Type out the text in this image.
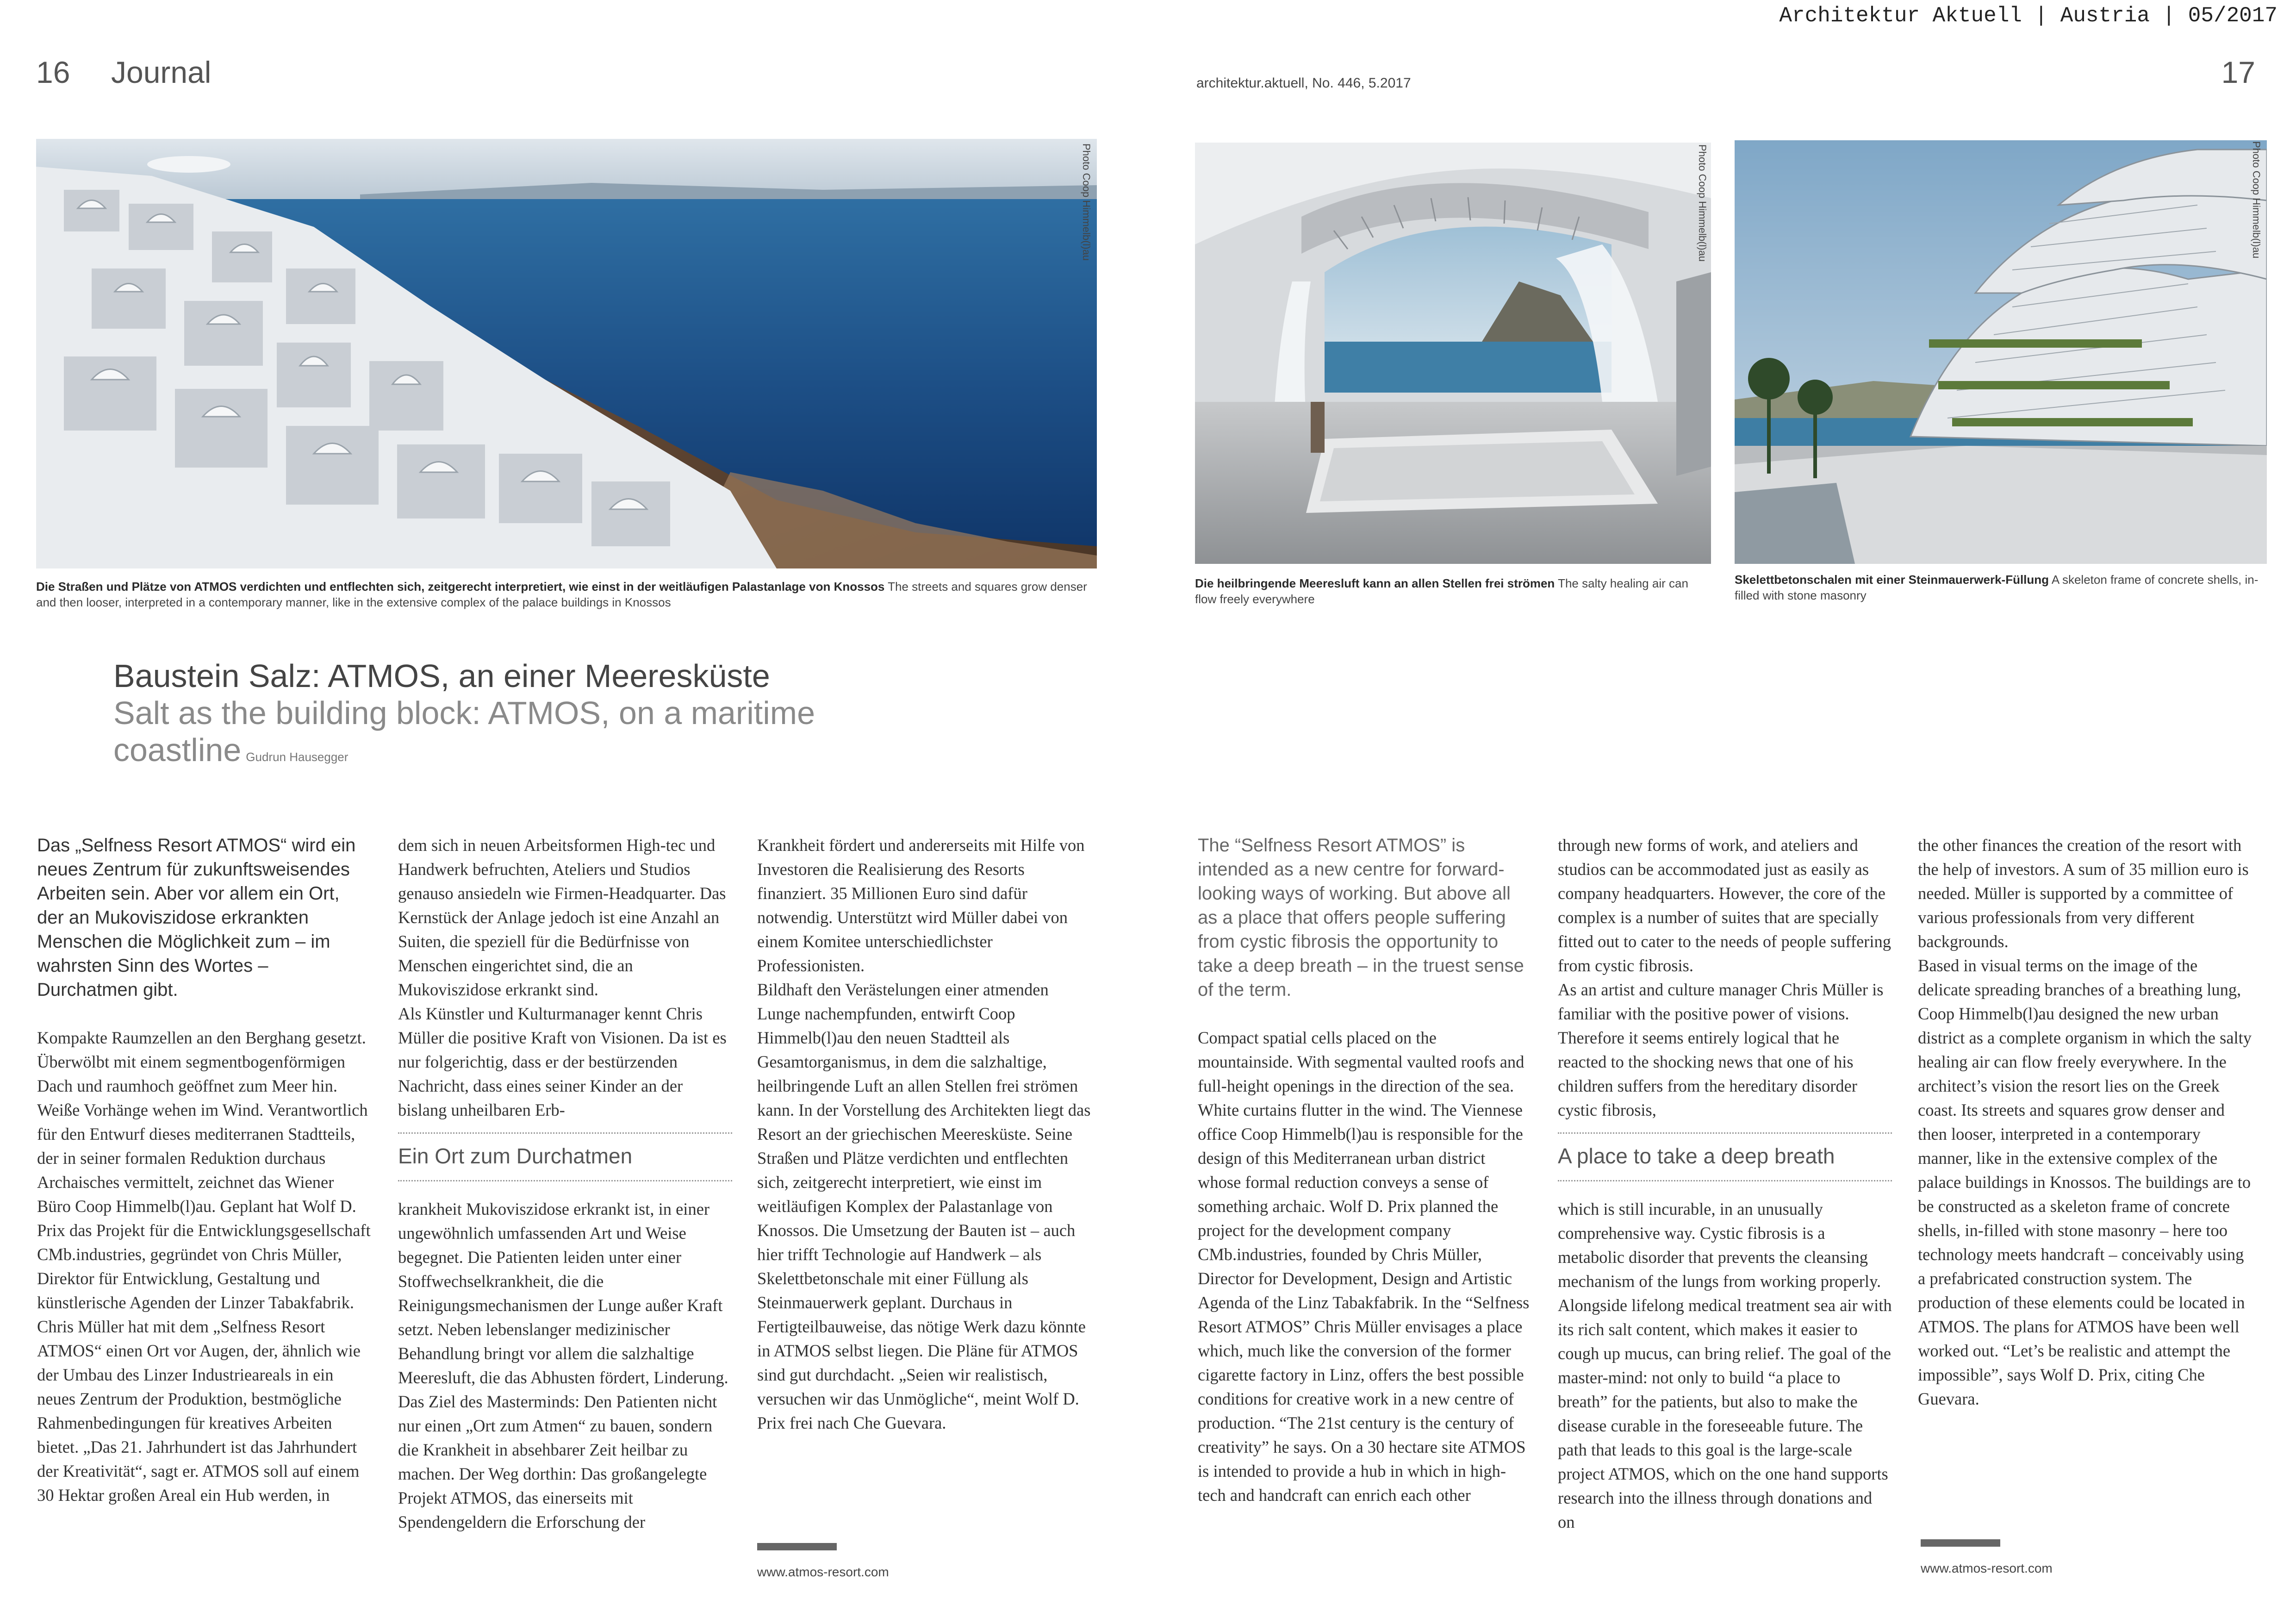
Architektur Aktuell | Austria | 05/2017
16 Journal	architektur.aktuell, No. 446, 5.2017	17
Photo Coop Himmelb(l)au	Photo Coop Himmelb(l)au	Photo Coop Himmelb(l)au
Die Straßen und Plätze von ATMOS verdichten und entflechten sich, zeitgerecht interpretiert, wie einst in der weitläufigen Palastanlage von Knossos The streets and squares grow denser and then looser, interpreted in a contemporary manner, like in the extensive complex of the palace buildings in Knossos
Die heilbringende Meeresluft kann an allen Stellen frei strömen The salty healing air can flow freely everywhere
Skelettbetonschalen mit einer Steinmauerwerk-Füllung A skeleton frame of concrete shells, in-filled with stone masonry
Baustein Salz: ATMOS, an einer Meeresküste
Salt as the building block: ATMOS, on a maritime coastline Gudrun Hausegger

Das „Selfness Resort ATMOS“ wird ein neues Zentrum für zukunftsweisendes Arbeiten sein. Aber vor allem ein Ort, der an Mukoviszidose erkrankten Menschen die Möglichkeit zum – im wahrsten Sinn des Wortes – Durchatmen gibt.

Kompakte Raumzellen an den Berghang gesetzt. Überwölbt mit einem segmentbogenförmigen Dach und raumhoch geöffnet zum Meer hin. Weiße Vorhänge wehen im Wind. Verantwortlich für den Entwurf dieses mediterranen Stadtteils, der in seiner formalen Reduktion durchaus Archaisches vermittelt, zeichnet das Wiener Büro Coop Himmelb(l)au. Geplant hat Wolf D. Prix das Projekt für die Entwicklungsgesellschaft CMb.industries, gegründet von Chris Müller, Direktor für Entwicklung, Gestaltung und künstlerische Agenden der Linzer Tabakfabrik. Chris Müller hat mit dem „Selfness Resort ATMOS“ einen Ort vor Augen, der, ähnlich wie der Umbau des Linzer Industrieareals in ein neues Zentrum der Produktion, bestmögliche Rahmenbedingungen für kreatives Arbeiten bietet. „Das 21. Jahrhundert ist das Jahrhundert der Kreativität“, sagt er. ATMOS soll auf einem 30 Hektar großen Areal ein Hub werden, in

dem sich in neuen Arbeitsformen High-tec und Handwerk befruchten, Ateliers und Studios genauso ansiedeln wie Firmen-Headquarter. Das Kernstück der Anlage jedoch ist eine Anzahl an Suiten, die speziell für die Bedürfnisse von Menschen eingerichtet sind, die an Mukoviszidose erkrankt sind.

Als Künstler und Kulturmanager kennt Chris Müller die positive Kraft von Visionen. Da ist es nur folgerichtig, dass er der bestürzenden Nachricht, dass eines seiner Kinder an der bislang unheilbaren Erb-

Ein Ort zum Durchatmen

krankheit Mukoviszidose erkrankt ist, in einer ungewöhnlich umfassenden Art und Weise begegnet. Die Patienten leiden unter einer Stoffwechselkrankheit, die die Reinigungsmechanismen der Lunge außer Kraft setzt. Neben lebenslanger medizinischer Behandlung bringt vor allem die salzhaltige Meeresluft, die das Abhusten fördert, Linderung. Das Ziel des Masterminds: Den Patienten nicht nur einen „Ort zum Atmen“ zu bauen, sondern die Krankheit in absehbarer Zeit heilbar zu machen. Der Weg dorthin: Das großangelegte Projekt ATMOS, das einerseits mit Spendengeldern die Erforschung der

Krankheit fördert und andererseits mit Hilfe von Investoren die Realisierung des Resorts finanziert. 35 Millionen Euro sind dafür notwendig. Unterstützt wird Müller dabei von einem Komitee unterschiedlichster Professionisten.

Bildhaft den Verästelungen einer atmenden Lunge nachempfunden, entwirft Coop Himmelb(l)au den neuen Stadtteil als Gesamtorganismus, in dem die salzhaltige, heilbringende Luft an allen Stellen frei strömen kann. In der Vorstellung des Architekten liegt das Resort an der griechischen Meeresküste. Seine Straßen und Plätze verdichten und entflechten sich, zeitgerecht interpretiert, wie einst im weitläufigen Komplex der Palastanlage von Knossos. Die Umsetzung der Bauten ist – auch hier trifft Technologie auf Handwerk – als Skelettbetonschale mit einer Füllung als Steinmauerwerk geplant. Durchaus in Fertigteilbauweise, das nötige Werk dazu könnte in ATMOS selbst liegen. Die Pläne für ATMOS sind gut durchdacht. „Seien wir realistisch, versuchen wir das Unmögliche“, meint Wolf D. Prix frei nach Che Guevara.

www.atmos-resort.com

The “Selfness Resort ATMOS” is intended as a new centre for forward-looking ways of working. But above all as a place that offers people suffering from cystic fibrosis the opportunity to take a deep breath – in the truest sense of the term.

Compact spatial cells placed on the mountainside. With segmental vaulted roofs and full-height openings in the direction of the sea. White curtains flutter in the wind. The Viennese office Coop Himmelb(l)au is responsible for the design of this Mediterranean urban district whose formal reduction conveys a sense of something archaic. Wolf D. Prix planned the project for the development company CMb.industries, founded by Chris Müller, Director for Development, Design and Artistic Agenda of the Linz Tabakfabrik. In the “Selfness Resort ATMOS” Chris Müller envisages a place which, much like the conversion of the former cigarette factory in Linz, offers the best possible conditions for creative work in a new centre of production. “The 21st century is the century of creativity” he says. On a 30 hectare site ATMOS is intended to provide a hub in which in high-tech and handcraft can enrich each other

through new forms of work, and ateliers and studios can be accommodated just as easily as company headquarters. However, the core of the complex is a number of suites that are specially fitted out to cater to the needs of people suffering from cystic fibrosis.

As an artist and culture manager Chris Müller is familiar with the positive power of visions. Therefore it seems entirely logical that he reacted to the shocking news that one of his children suffers from the hereditary disorder cystic fibrosis,

A place to take a deep breath

which is still incurable, in an unusually comprehensive way. Cystic fibrosis is a metabolic disorder that prevents the cleansing mechanism of the lungs from working properly. Alongside lifelong medical treatment sea air with its rich salt content, which makes it easier to cough up mucus, can bring relief. The goal of the master-mind: not only to build “a place to breath” for the patients, but also to make the disease curable in the foreseeable future. The path that leads to this goal is the large-scale project ATMOS, which on the one hand supports research into the illness through donations and on

the other finances the creation of the resort with the help of investors. A sum of 35 million euro is needed. Müller is supported by a committee of various professionals from very different backgrounds.

Based in visual terms on the image of the delicate spreading branches of a breathing lung, Coop Himmelb(l)au designed the new urban district as a complete organism in which the salty healing air can flow freely everywhere. In the architect’s vision the resort lies on the Greek coast. Its streets and squares grow denser and then looser, interpreted in a contemporary manner, like in the extensive complex of the palace buildings in Knossos. The buildings are to be constructed as a skeleton frame of concrete shells, in-filled with stone masonry – here too technology meets handcraft – conceivably using a prefabricated construction system. The production of these elements could be located in ATMOS. The plans for ATMOS have been well worked out. “Let’s be realistic and attempt the impossible”, says Wolf D. Prix, citing Che Guevara.

www.atmos-resort.com
